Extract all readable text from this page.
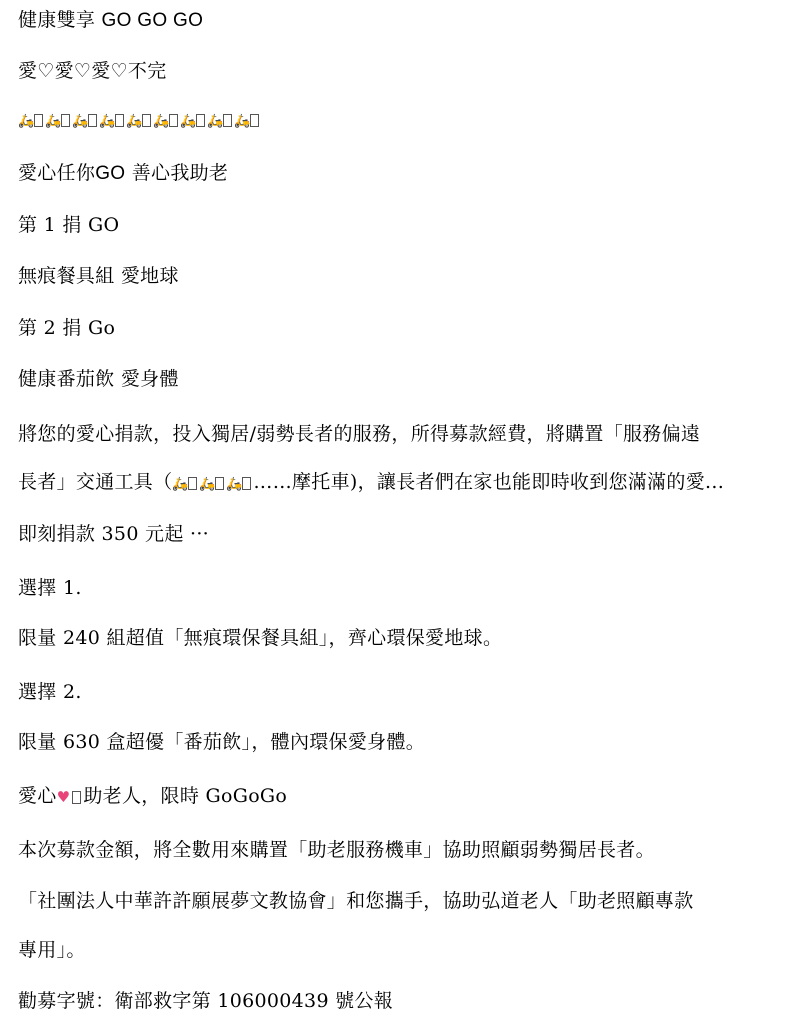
健康雙享 GO GO GO
愛♡愛♡愛♡不完
🛵 🛵 🛵 🛵 🛵 🛵 🛵 🛵 🛵
愛心任你GO 善心我助老
第 1 捐 GO
無痕餐具組 愛地球
第 2 捐 Go
健康番茄飲 愛身體
將您的愛心捐款，投入獨居/弱勢長者的服務，所得募款經費，將購置「服務偏遠
長者」交通工具（🛵 🛵 🛵 ……摩托車)，讓長者們在家也能即時收到您滿滿的愛...
即刻捐款 350 元起 ···
選擇 1.
限量 240 組超值「無痕環保餐具組」，齊心環保愛地球。
選擇 2.
限量 630 盒超優「番茄飲」，體內環保愛身體。
愛心♥ 助老人，限時 GoGoGo
本次募款金額，將全數用來購置「助老服務機車」協助照顧弱勢獨居長者。
「社團法人中華許許願展夢文教協會」和您攜手，協助弘道老人「助老照顧專款
專用」。
勸募字號：衛部救字第 106000439 號公報
